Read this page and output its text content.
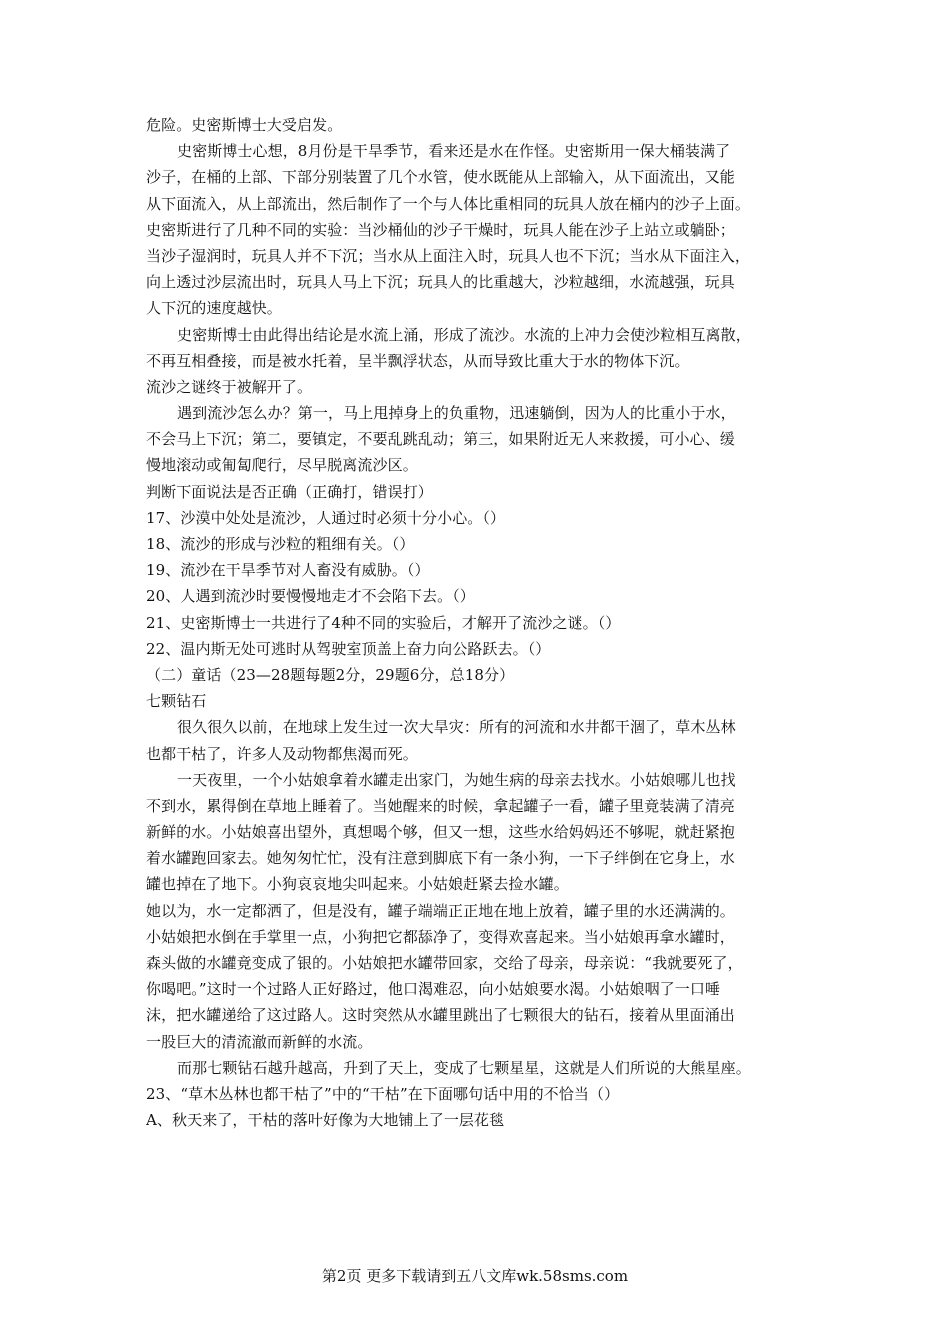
危险。史密斯博士大受启发。
史密斯博士心想，8月份是干旱季节，看来还是水在作怪。史密斯用一保大桶装满了
沙子，在桶的上部、下部分别装置了几个水管，使水既能从上部输入，从下面流出，又能
从下面流入，从上部流出，然后制作了一个与人体比重相同的玩具人放在桶内的沙子上面。
史密斯进行了几种不同的实验：当沙桶仙的沙子干燥时，玩具人能在沙子上站立或躺卧；
当沙子湿润时，玩具人并不下沉；当水从上面注入时，玩具人也不下沉；当水从下面注入，
向上透过沙层流出时，玩具人马上下沉；玩具人的比重越大，沙粒越细，水流越强，玩具
人下沉的速度越快。
史密斯博士由此得出结论是水流上涌，形成了流沙。水流的上冲力会使沙粒相互离散，
不再互相叠接，而是被水托着，呈半飘浮状态，从而导致比重大于水的物体下沉。
流沙之谜终于被解开了。
遇到流沙怎么办？第一，马上甩掉身上的负重物，迅速躺倒，因为人的比重小于水，
不会马上下沉；第二，要镇定，不要乱跳乱动；第三，如果附近无人来救援，可小心、缓
慢地滚动或匍匐爬行，尽早脱离流沙区。
判断下面说法是否正确（正确打，错误打）
17、沙漠中处处是流沙，人通过时必须十分小心。（）
18、流沙的形成与沙粒的粗细有关。（）
19、流沙在干旱季节对人畜没有威胁。（）
20、人遇到流沙时要慢慢地走才不会陷下去。（）
21、史密斯博士一共进行了4种不同的实验后，才解开了流沙之谜。（）
22、温内斯无处可逃时从驾驶室顶盖上奋力向公路跃去。（）
（二）童话（23—28题每题2分，29题6分，总18分）
七颗钻石
很久很久以前，在地球上发生过一次大旱灾：所有的河流和水井都干涸了，草木丛林
也都干枯了，许多人及动物都焦渴而死。
一天夜里，一个小姑娘拿着水罐走出家门，为她生病的母亲去找水。小姑娘哪儿也找
不到水，累得倒在草地上睡着了。当她醒来的时候，拿起罐子一看，罐子里竟装满了清亮
新鲜的水。小姑娘喜出望外，真想喝个够，但又一想，这些水给妈妈还不够呢，就赶紧抱
着水罐跑回家去。她匆匆忙忙，没有注意到脚底下有一条小狗，一下子绊倒在它身上，水
罐也掉在了地下。小狗哀哀地尖叫起来。小姑娘赶紧去捡水罐。
她以为，水一定都洒了，但是没有，罐子端端正正地在地上放着，罐子里的水还满满的。
小姑娘把水倒在手掌里一点，小狗把它都舔净了，变得欢喜起来。当小姑娘再拿水罐时，
森头做的水罐竟变成了银的。小姑娘把水罐带回家，交给了母亲，母亲说：“我就要死了，
你喝吧。”这时一个过路人正好路过，他口渴难忍，向小姑娘要水渴。小姑娘咽了一口唾
沫，把水罐递给了这过路人。这时突然从水罐里跳出了七颗很大的钻石，接着从里面涌出
一股巨大的清流澈而新鲜的水流。
而那七颗钻石越升越高，升到了天上，变成了七颗星星，这就是人们所说的大熊星座。
23、“草木丛林也都干枯了”中的“干枯”在下面哪句话中用的不恰当（）
A、秋天来了，干枯的落叶好像为大地铺上了一层花毯
第2页 更多下载请到五八文库wk.58sms.com
